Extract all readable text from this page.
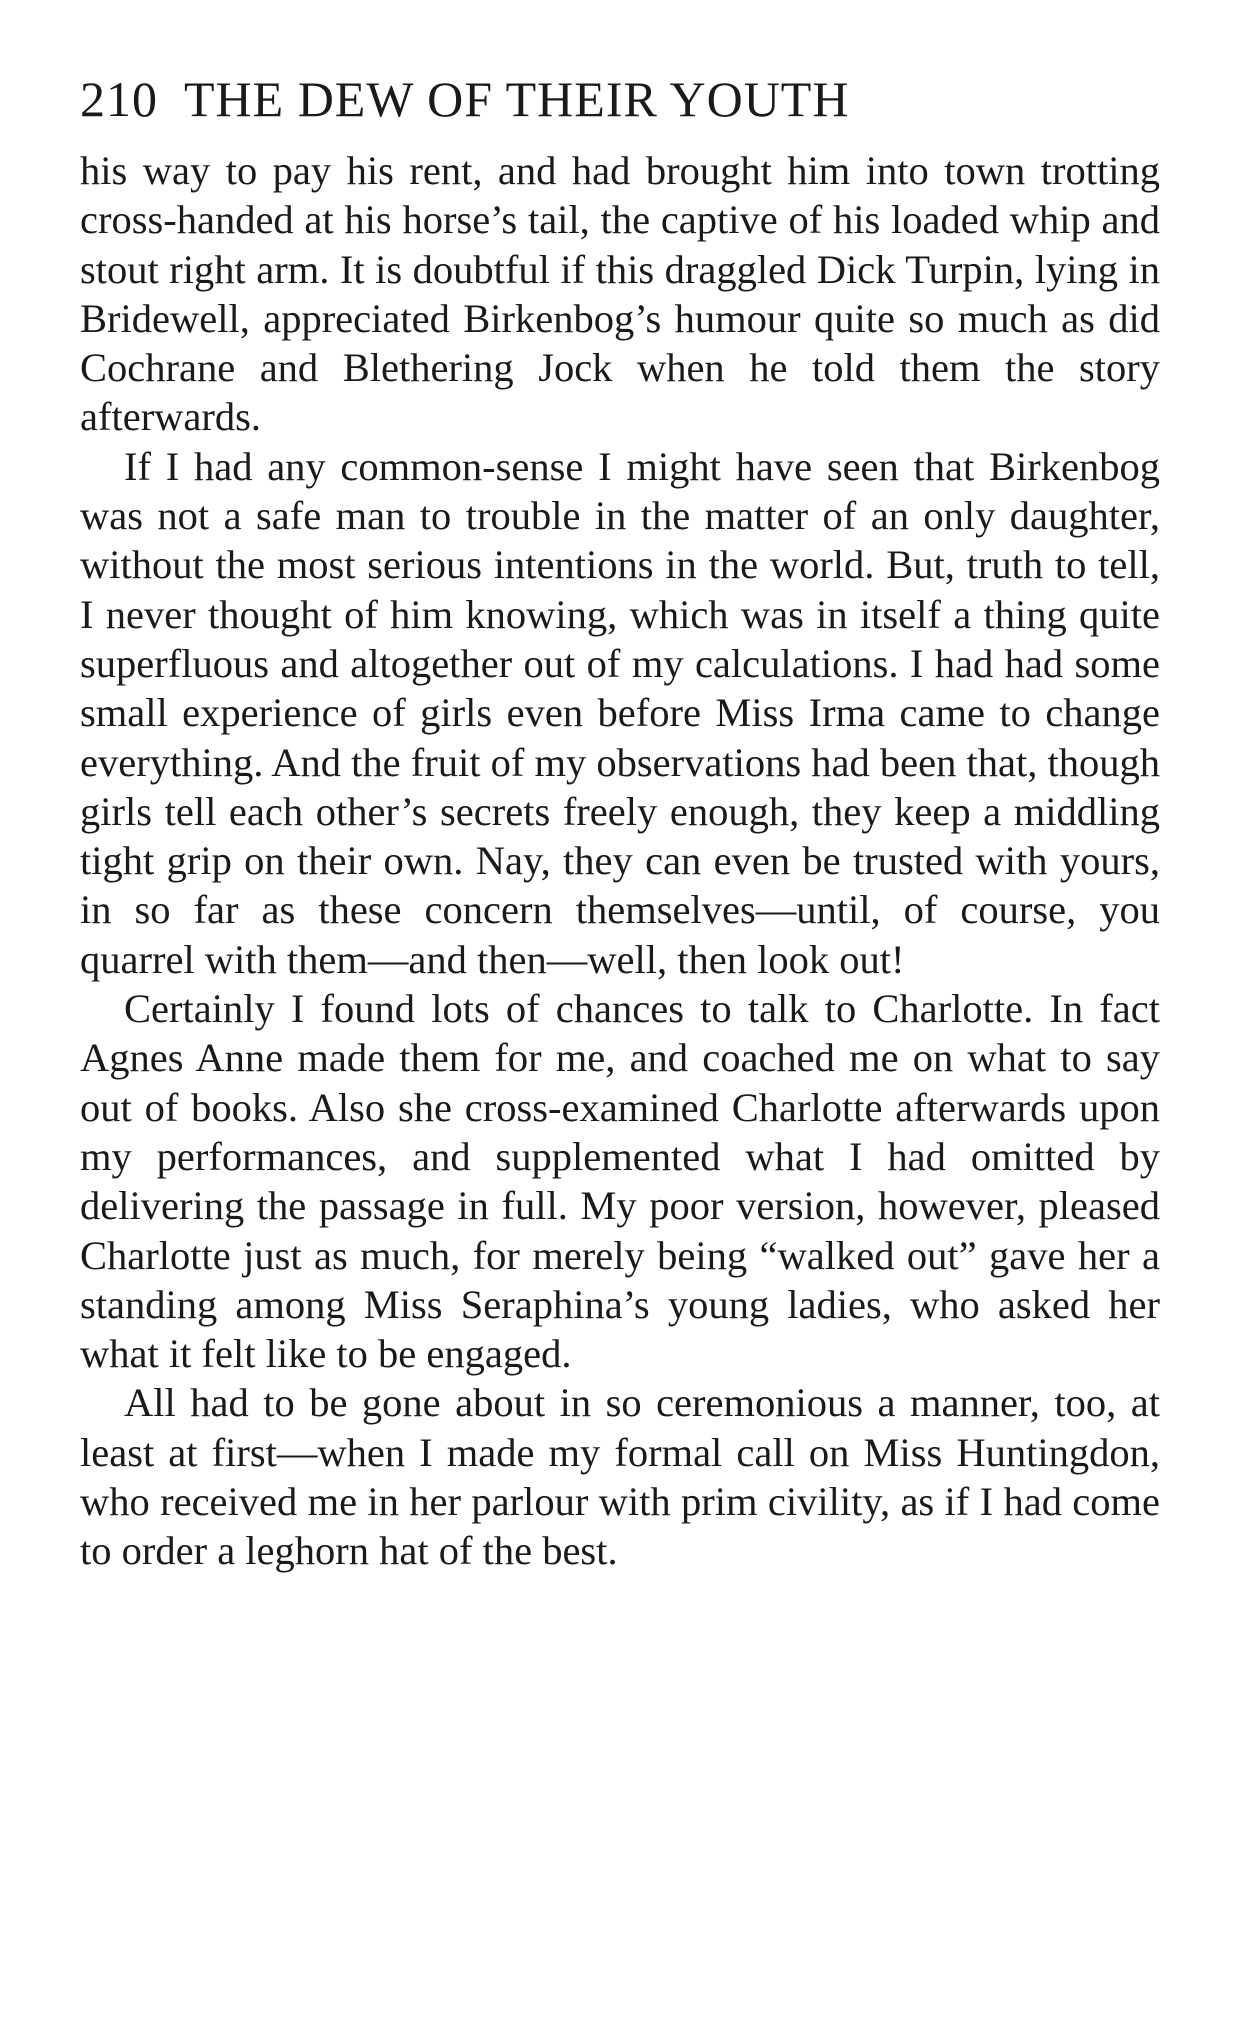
210 THE DEW OF THEIR YOUTH

his way to pay his rent, and had brought him into town trotting cross-handed at his horse’s tail, the captive of his loaded whip and stout right arm. It is doubtful if this draggled Dick Turpin, lying in Bridewell, appreciated Birkenbog’s humour quite so much as did Cochrane and Blethering Jock when he told them the story afterwards.

If I had any common-sense I might have seen that Birkenbog was not a safe man to trouble in the matter of an only daughter, without the most serious intentions in the world. But, truth to tell, I never thought of him knowing, which was in itself a thing quite superfluous and altogether out of my calculations. I had had some small experience of girls even before Miss Irma came to change everything. And the fruit of my observations had been that, though girls tell each other’s secrets freely enough, they keep a middling tight grip on their own. Nay, they can even be trusted with yours, in so far as these concern themselves—until, of course, you quarrel with them—and then—well, then look out!

Certainly I found lots of chances to talk to Charlotte. In fact Agnes Anne made them for me, and coached me on what to say out of books. Also she cross-examined Charlotte afterwards upon my performances, and supplemented what I had omitted by delivering the passage in full. My poor version, however, pleased Charlotte just as much, for merely being “walked out” gave her a standing among Miss Seraphina’s young ladies, who asked her what it felt like to be engaged.

All had to be gone about in so ceremonious a manner, too, at least at first—when I made my formal call on Miss Huntingdon, who received me in her parlour with prim civility, as if I had come to order a leghorn hat of the best.
